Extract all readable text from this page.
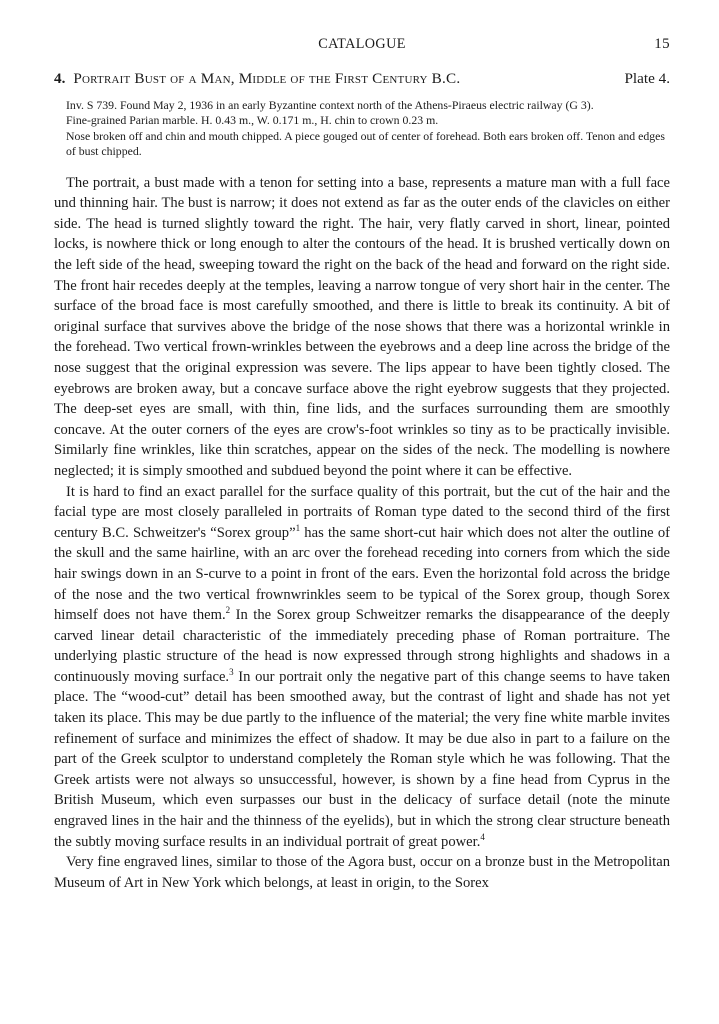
CATALOGUE	15
4. Portrait Bust of a Man, Middle of the First Century B.C.	Plate 4.

Inv. S 739. Found May 2, 1936 in an early Byzantine context north of the Athens-Piraeus electric railway (G 3).

Fine-grained Parian marble. H. 0.43 m., W. 0.171 m., H. chin to crown 0.23 m.

Nose broken off and chin and mouth chipped. A piece gouged out of center of forehead. Both ears broken off. Tenon and edges of bust chipped.

The portrait, a bust made with a tenon for setting into a base, represents a mature man with a full face und thinning hair. The bust is narrow; it does not extend as far as the outer ends of the clavicles on either side. The head is turned slightly toward the right. The hair, very flatly carved in short, linear, pointed locks, is nowhere thick or long enough to alter the contours of the head. It is brushed vertically down on the left side of the head, sweeping toward the right on the back of the head and forward on the right side. The front hair recedes deeply at the temples, leaving a narrow tongue of very short hair in the center. The surface of the broad face is most carefully smoothed, and there is little to break its continuity. A bit of original surface that survives above the bridge of the nose shows that there was a horizontal wrinkle in the forehead. Two vertical frown-wrinkles between the eyebrows and a deep line across the bridge of the nose suggest that the original expression was severe. The lips appear to have been tightly closed. The eyebrows are broken away, but a concave surface above the right eyebrow suggests that they projected. The deep-set eyes are small, with thin, fine lids, and the surfaces surrounding them are smoothly concave. At the outer corners of the eyes are crow's-foot wrinkles so tiny as to be practically invisible. Similarly fine wrinkles, like thin scratches, appear on the sides of the neck. The modelling is nowhere neglected; it is simply smoothed and subdued beyond the point where it can be effective.

It is hard to find an exact parallel for the surface quality of this portrait, but the cut of the hair and the facial type are most closely paralleled in portraits of Roman type dated to the second third of the first century B.C. Schweitzer's “Sorex group”$^1$ has the same short-cut hair which does not alter the outline of the skull and the same hairline, with an arc over the forehead receding into corners from which the side hair swings down in an S-curve to a point in front of the ears. Even the horizontal fold across the bridge of the nose and the two vertical frownwrinkles seem to be typical of the Sorex group, though Sorex himself does not have them.$^2$ In the Sorex group Schweitzer remarks the disappearance of the deeply carved linear detail characteristic of the immediately preceding phase of Roman portraiture. The underlying plastic structure of the head is now expressed through strong highlights and shadows in a continuously moving surface.$^3$ In our portrait only the negative part of this change seems to have taken place. The “wood-cut” detail has been smoothed away, but the contrast of light and shade has not yet taken its place. This may be due partly to the influence of the material; the very fine white marble invites refinement of surface and minimizes the effect of shadow. It may be due also in part to a failure on the part of the Greek sculptor to understand completely the Roman style which he was following. That the Greek artists were not always so unsuccessful, however, is shown by a fine head from Cyprus in the British Museum, which even surpasses our bust in the delicacy of surface detail (note the minute engraved lines in the hair and the thinness of the eyelids), but in which the strong clear structure beneath the subtly moving surface results in an individual portrait of great power.$^4$

Very fine engraved lines, similar to those of the Agora bust, occur on a bronze bust in the Metropolitan Museum of Art in New York which belongs, at least in origin, to the Sorex
